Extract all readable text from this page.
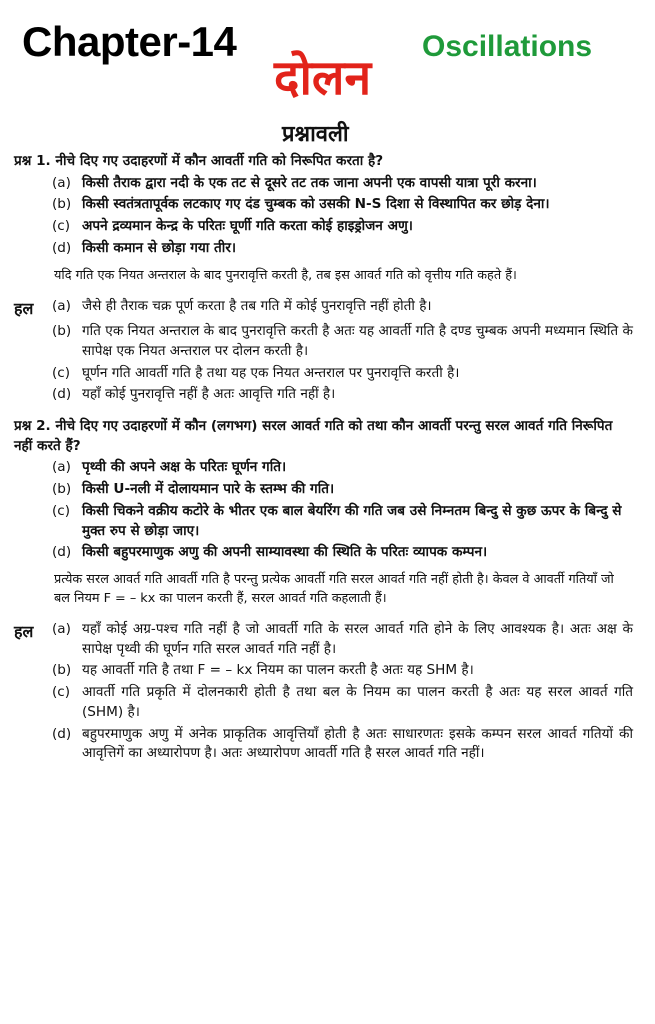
Chapter-14
दोलन
Oscillations
प्रश्नावली
प्रश्न 1. नीचे दिए गए उदाहरणों में कौन आवर्ती गति को निरूपित करता है?
(a) किसी तैराक द्वारा नदी के एक तट से दूसरे तट तक जाना अपनी एक वापसी यात्रा पूरी करना।
(b) किसी स्वतंत्रतापूर्वक लटकाए गए दंड चुम्बक को उसकी N-S दिशा से विस्थापित कर छोड़ देना।
(c) अपने द्रव्यमान केन्द्र के परितः घूर्णी गति करता कोई हाइड्रोजन अणु।
(d) किसी कमान से छोड़ा गया तीर।
यदि गति एक नियत अन्तराल के बाद पुनरावृत्ति करती है, तब इस आवर्त गति को वृत्तीय गति कहते हैं।
हल	(a) जैसे ही तैराक चक्र पूर्ण करता है तब गति में कोई पुनरावृत्ति नहीं होती है।
(b) गति एक नियत अन्तराल के बाद पुनरावृत्ति करती है अतः यह आवर्ती गति है दण्ड चुम्बक अपनी मध्यमान स्थिति के सापेक्ष एक नियत अन्तराल पर दोलन करती है।
(c) घूर्णन गति आवर्ती गति है तथा यह एक नियत अन्तराल पर पुनरावृत्ति करती है।
(d) यहाँ कोई पुनरावृत्ति नहीं है अतः आवृत्ति गति नहीं है।
प्रश्न 2. नीचे दिए गए उदाहरणों में कौन (लगभग) सरल आवर्त गति को तथा कौन आवर्ती परन्तु सरल आवर्त गति निरूपित नहीं करते हैं?
(a) पृथ्वी की अपने अक्ष के परितः घूर्णन गति।
(b) किसी U-नली में दोलायमान पारे के स्तम्भ की गति।
(c) किसी चिकने वक्रीय कटोरे के भीतर एक बाल बेयरिंग की गति जब उसे निम्नतम बिन्दु से कुछ ऊपर के बिन्दु से मुक्त रुप से छोड़ा जाए।
(d) किसी बहुपरमाणुक अणु की अपनी साम्यावस्था की स्थिति के परितः व्यापक कम्पन।
प्रत्येक सरल आवर्त गति आवर्ती गति है परन्तु प्रत्येक आवर्ती गति सरल आवर्त गति नहीं होती है। केवल वे आवर्ती गतियाँ जो बल नियम F = – kx का पालन करती हैं, सरल आवर्त गति कहलाती हैं।
हल	(a) यहाँ कोई अग्र-पश्च गति नहीं है जो आवर्ती गति के सरल आवर्त गति होने के लिए आवश्यक है। अतः अक्ष के सापेक्ष पृथ्वी की घूर्णन गति सरल आवर्त गति नहीं है।
(b) यह आवर्ती गति है तथा F = – kx नियम का पालन करती है अतः यह SHM है।
(c) आवर्ती गति प्रकृति में दोलनकारी होती है तथा बल के नियम का पालन करती है अतः यह सरल आवर्त गति (SHM) है।
(d) बहुपरमाणुक अणु में अनेक प्राकृतिक आवृत्तियाँ होती है अतः साधारणतः इसके कम्पन सरल आवर्त गतियों की आवृत्तिगें का अध्यारोपण है। अतः अध्यारोपण आवर्ती गति है सरल आवर्त गति नहीं।
